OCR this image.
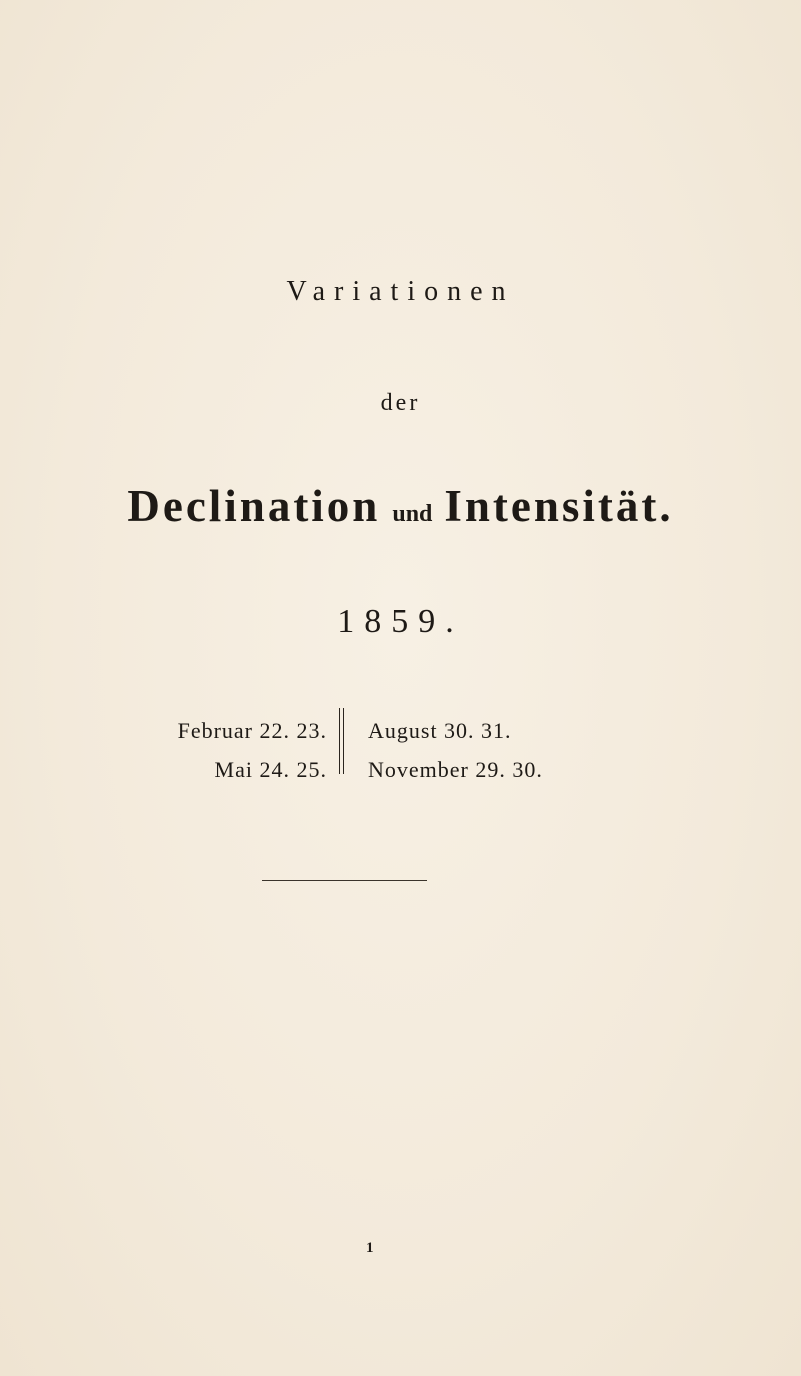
Variationen
der
Declination und Intensität.
1859.
Februar 22. 23.
Mai 24. 25.
August 30. 31.
November 29. 30.
1
